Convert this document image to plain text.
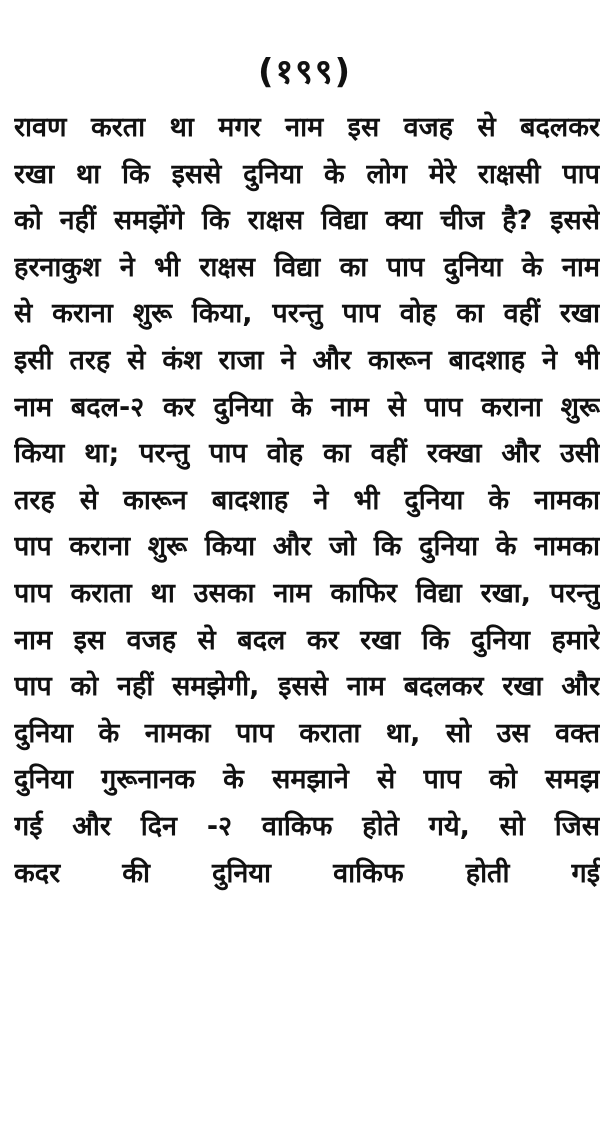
(१९९)
रावण करता था मगर नाम इस वजह से बदलकर
रखा था कि इससे दुनिया के लोग मेरे राक्षसी पाप
को नहीं समझेंगे कि राक्षस विद्या क्या चीज है? इससे
हरनाकुश ने भी राक्षस विद्या का पाप दुनिया के नाम
से कराना शुरू किया, परन्तु पाप वोह का वहीं रखा
इसी तरह से कंश राजा ने और कारून बादशाह ने भी
नाम बदल-२ कर दुनिया के नाम से पाप कराना शुरू
किया था; परन्तु पाप वोह का वहीं रक्खा और उसी
तरह से कारून बादशाह ने भी दुनिया के नामका
पाप कराना शुरू किया और जो कि दुनिया के नामका
पाप कराता था उसका नाम काफिर विद्या रखा, परन्तु
नाम इस वजह से बदल कर रखा कि दुनिया हमारे
पाप को नहीं समझेगी, इससे नाम बदलकर रखा और
दुनिया के नामका पाप कराता था, सो उस वक्त
दुनिया गुरूनानक के समझाने से पाप को समझ
गई और दिन -२ वाकिफ होते गये, सो जिस
कदर की दुनिया वाकिफ होती गई
